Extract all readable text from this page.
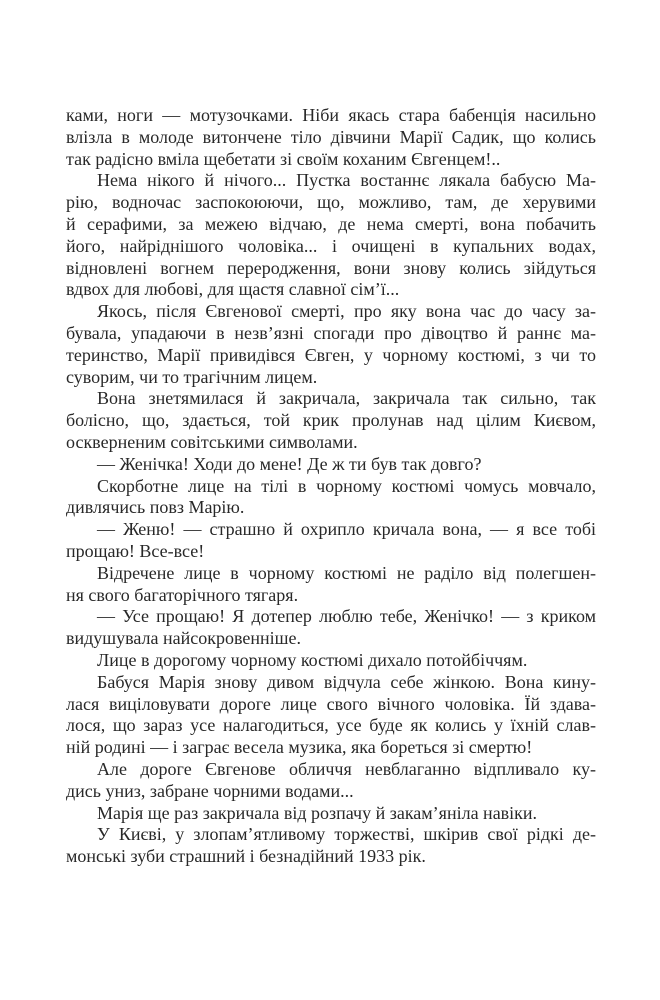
ками, ноги — мотузочками. Ніби якась стара бабенція насильно
влізла в молоде витончене тіло дівчини Марії Садик, що колись
так радісно вміла щебетати зі своїм коханим Євгенцем!..
Нема нікого й нічого... Пустка востаннє лякала бабусю Ма-
рію, водночас заспокоюючи, що, можливо, там, де херувими
й серафими, за межею відчаю, де нема смерті, вона побачить
його, найріднішого чоловіка... і очищені в купальних водах,
відновлені вогнем переродження, вони знову колись зійдуться
вдвох для любові, для щастя славної сім’ї...
Якось, після Євгенової смерті, про яку вона час до часу за-
бувала, упадаючи в незв’язні спогади про дівоцтво й раннє ма-
теринство, Марії привидівся Євген, у чорному костюмі, з чи то
суворим, чи то трагічним лицем.
Вона знетямилася й закричала, закричала так сильно, так
болісно, що, здається, той крик пролунав над цілим Києвом,
оскверненим совітськими символами.
— Женічка! Ходи до мене! Де ж ти був так довго?
Скорботне лице на тілі в чорному костюмі чомусь мовчало,
дивлячись повз Марію.
— Женю! — страшно й охрипло кричала вона, — я все тобі
прощаю! Все-все!
Відречене лице в чорному костюмі не раділо від полегшен-
ня свого багаторічного тягаря.
— Усе прощаю! Я дотепер люблю тебе, Женічко! — з криком
видушувала найсокровенніше.
Лице в дорогому чорному костюмі дихало потойбіччям.
Бабуся Марія знову дивом відчула себе жінкою. Вона кину-
лася виціловувати дороге лице свого вічного чоловіка. Їй здава-
лося, що зараз усе налагодиться, усе буде як колись у їхній слав-
ній родині — і заграє весела музика, яка бореться зі смертю!
Але дороге Євгенове обличчя невблаганно відпливало ку-
дись униз, забране чорними водами...
Марія ще раз закричала від розпачу й закам’яніла навіки.
У Києві, у злопам’ятливому торжестві, шкірив свої рідкі де-
монські зуби страшний і безнадійний 1933 рік.
